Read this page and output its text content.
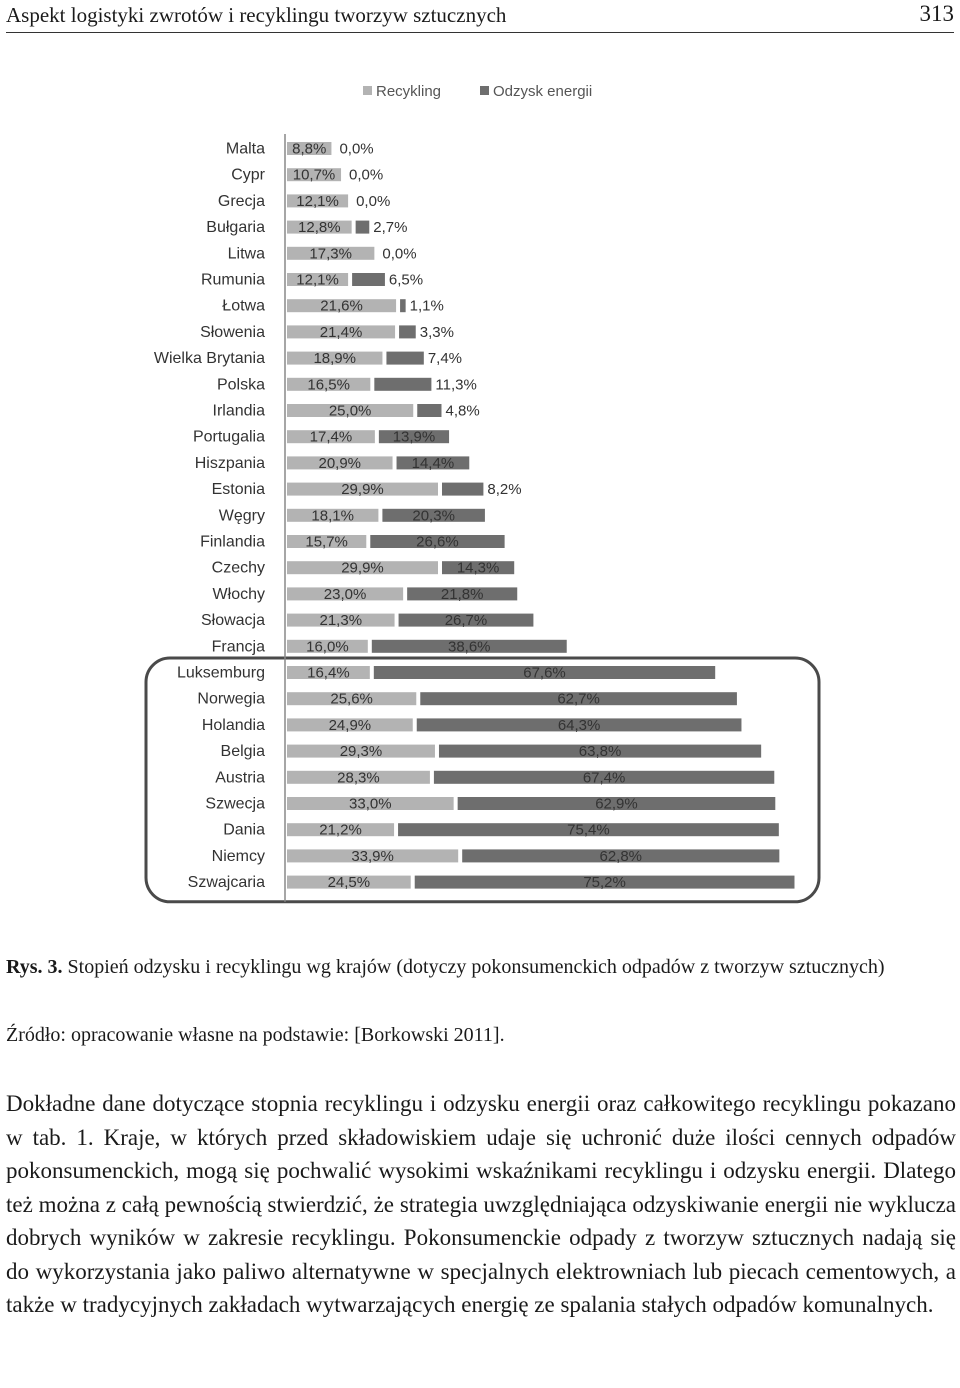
Aspekt logistyki zwrotów i recyklingu tworzyw sztucznych	313
Recykling	Odzysk energii
Malta 8,8% 0,0%
Cypr 10,7% 0,0%
Grecja 12,1% 0,0%
Bułgaria 12,8% 2,7%
Litwa	17,3% 0,0%
Rumunia 12,1%	6,5%
Łotwa	21,6%	1,1%
Słowenia	21,4%	3,3%
Wielka Brytania	18,9%	7,4%
Polska	16,5%	11,3%
Irlandia	25,0%	4,8%
Portugalia	17,4%	13,9%
Hiszpania	20,9%	14,4%
Estonia	29,9%	8,2%
Węgry	18,1%	20,3%
Finlandia	15,7%	26,6%
Czechy	29,9%	14,3%
Włochy	23,0%	21,8%
Słowacja	21,3%	26,7%
Francja	16,0%	38,6%
Luksemburg	16,4%	67,6%
Norwegia	25,6%	62,7%
Holandia	24,9%	64,3%
Belgia	29,3%	63,8%
Austria	28,3%	67,4%
Szwecja	33,0%	62,9%
Dania	21,2%	75,4%
Niemcy	33,9%	62,8%
Szwajcaria	24,5%	75,2%
Rys. 3. Stopień odzysku i recyklingu wg krajów (dotyczy pokonsumenckich odpadów z tworzyw sztucznych)
Źródło: opracowanie własne na podstawie: [Borkowski 2011].

Dokładne dane dotyczące stopnia recyklingu i odzysku energii oraz całkowitego recyklingu pokazano w tab. 1. Kraje, w których przed składowiskiem udaje się uchronić duże ilości cennych odpadów pokonsumenckich, mogą się pochwalić wysokimi wskaźnikami recyklingu i odzysku energii. Dlatego też można z całą pewnością stwierdzić, że strategia uwzględniająca odzyskiwanie energii nie wyklucza dobrych wyników w zakresie recyklingu. Pokonsumenckie odpady z tworzyw sztucznych nadają się do wykorzystania jako paliwo alternatywne w specjalnych elektrowniach lub piecach cementowych, a także w tradycyjnych zakładach wytwarzających energię ze spalania stałych odpadów komunalnych.
